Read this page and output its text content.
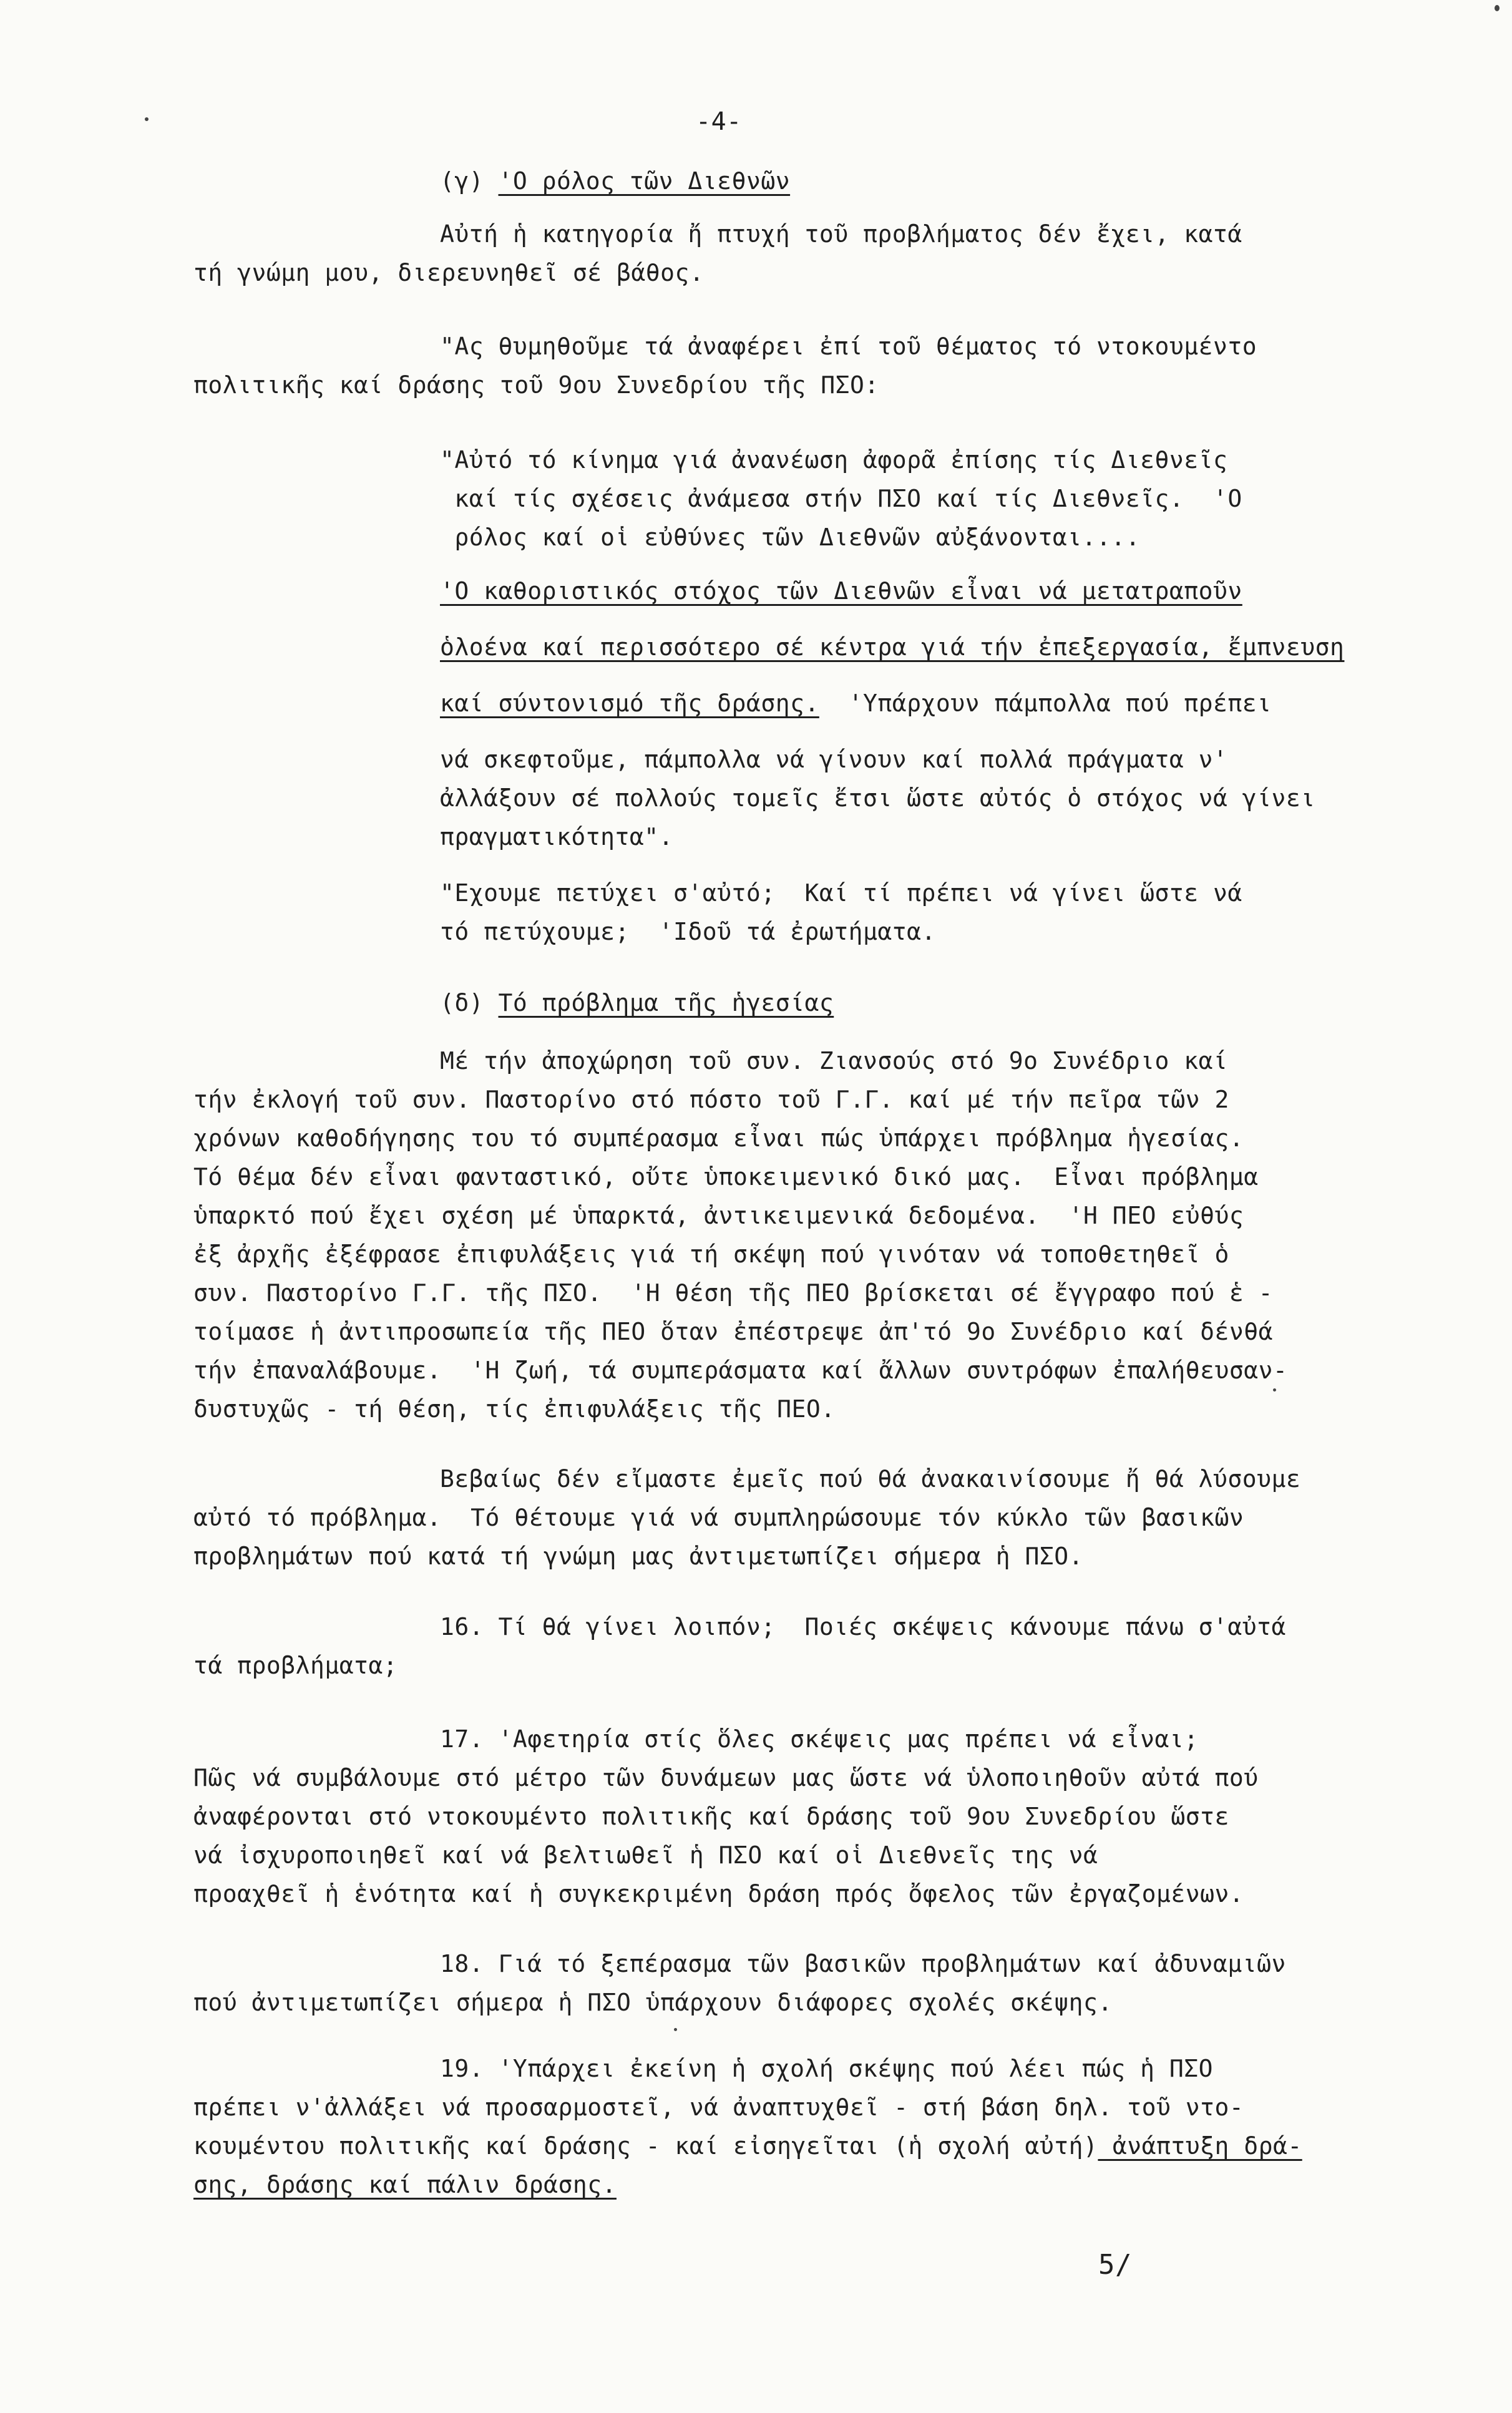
-4-
(γ) 'Ο ρόλος τῶν Διεθνῶν
Αὐτή ἡ κατηγορία ἤ πτυχή τοῦ προβλήματος δέν ἔχει, κατά
τή γνώμη μου, διερευνηθεῖ σέ βάθος.
"Ας θυμηθοῦμε τά ἀναφέρει ἐπί τοῦ θέματος τό ντοκουμέντο
πολιτικῆς καί δράσης τοῦ 9ου Συνεδρίου τῆς ΠΣΟ:
"Αὐτό τό κίνημα γιά ἀνανέωση ἀφορᾶ ἐπίσης τίς Διεθνεῖς
καί τίς σχέσεις ἀνάμεσα στήν ΠΣΟ καί τίς Διεθνεῖς.  'Ο
ρόλος καί οἱ εὐθύνες τῶν Διεθνῶν αὐξάνονται....
'Ο καθοριστικός στόχος τῶν Διεθνῶν εἶναι νά μετατραποῦν
ὁλοένα καί περισσότερο σέ κέντρα γιά τήν ἐπεξεργασία, ἔμπνευση
καί σύντονισμό τῆς δράσης.  'Υπάρχουν πάμπολλα πού πρέπει
νά σκεφτοῦμε, πάμπολλα νά γίνουν καί πολλά πράγματα ν'
ἀλλάξουν σέ πολλούς τομεῖς ἔτσι ὥστε αὐτός ὁ στόχος νά γίνει
πραγματικότητα".
"Εχουμε πετύχει σ'αὐτό;  Καί τί πρέπει νά γίνει ὥστε νά
τό πετύχουμε;  'Ιδοῦ τά ἐρωτήματα.
(δ) Τό πρόβλημα τῆς ἡγεσίας
Μέ τήν ἀποχώρηση τοῦ συν. Ζιανσούς στό 9ο Συνέδριο καί
τήν ἐκλογή τοῦ συν. Παστορίνο στό πόστο τοῦ Γ.Γ. καί μέ τήν πεῖρα τῶν 2
χρόνων καθοδήγησης του τό συμπέρασμα εἶναι πώς ὑπάρχει πρόβλημα ἡγεσίας.
Τό θέμα δέν εἶναι φανταστικό, οὔτε ὑποκειμενικό δικό μας.  Εἶναι πρόβλημα
ὑπαρκτό πού ἔχει σχέση μέ ὑπαρκτά, ἀντικειμενικά δεδομένα.  'Η ΠΕΟ εὐθύς
ἐξ ἀρχῆς ἐξέφρασε ἐπιφυλάξεις γιά τή σκέψη πού γινόταν νά τοποθετηθεῖ ὁ
συν. Παστορίνο Γ.Γ. τῆς ΠΣΟ.  'Η θέση τῆς ΠΕΟ βρίσκεται σέ ἔγγραφο πού ἑ -
τοίμασε ἡ ἀντιπροσωπεία τῆς ΠΕΟ ὅταν ἐπέστρεψε ἀπ'τό 9ο Συνέδριο καί δένθά
τήν ἐπαναλάβουμε.  'Η ζωή, τά συμπεράσματα καί ἄλλων συντρόφων ἐπαλήθευσαν-
δυστυχῶς - τή θέση, τίς ἐπιφυλάξεις τῆς ΠΕΟ.
Βεβαίως δέν εἴμαστε ἐμεῖς πού θά ἀνακαινίσουμε ἤ θά λύσουμε
αὐτό τό πρόβλημα.  Τό θέτουμε γιά νά συμπληρώσουμε τόν κύκλο τῶν βασικῶν
προβλημάτων πού κατά τή γνώμη μας ἀντιμετωπίζει σήμερα ἡ ΠΣΟ.
16. Τί θά γίνει λοιπόν;  Ποιές σκέψεις κάνουμε πάνω σ'αὐτά
τά προβλήματα;
17. 'Αφετηρία στίς ὅλες σκέψεις μας πρέπει νά εἶναι;
Πῶς νά συμβάλουμε στό μέτρο τῶν δυνάμεων μας ὥστε νά ὑλοποιηθοῦν αὐτά πού
ἀναφέρονται στό ντοκουμέντο πολιτικῆς καί δράσης τοῦ 9ου Συνεδρίου ὥστε
νά ἰσχυροποιηθεῖ καί νά βελτιωθεῖ ἡ ΠΣΟ καί οἱ Διεθνεῖς της νά
προαχθεῖ ἡ ἑνότητα καί ἡ συγκεκριμένη δράση πρός ὄφελος τῶν ἐργαζομένων.
18. Γιά τό ξεπέρασμα τῶν βασικῶν προβλημάτων καί ἀδυναμιῶν
πού ἀντιμετωπίζει σήμερα ἡ ΠΣΟ ὑπάρχουν διάφορες σχολές σκέψης.
19. 'Υπάρχει ἐκείνη ἡ σχολή σκέψης πού λέει πώς ἡ ΠΣΟ
πρέπει ν'ἀλλάξει νά προσαρμοστεῖ, νά ἀναπτυχθεῖ - στή βάση δηλ. τοῦ ντο-
κουμέντου πολιτικῆς καί δράσης - καί εἰσηγεῖται (ἡ σχολή αὐτή) ἀνάπτυξη δρά-
σης, δράσης καί πάλιν δράσης.
5/
